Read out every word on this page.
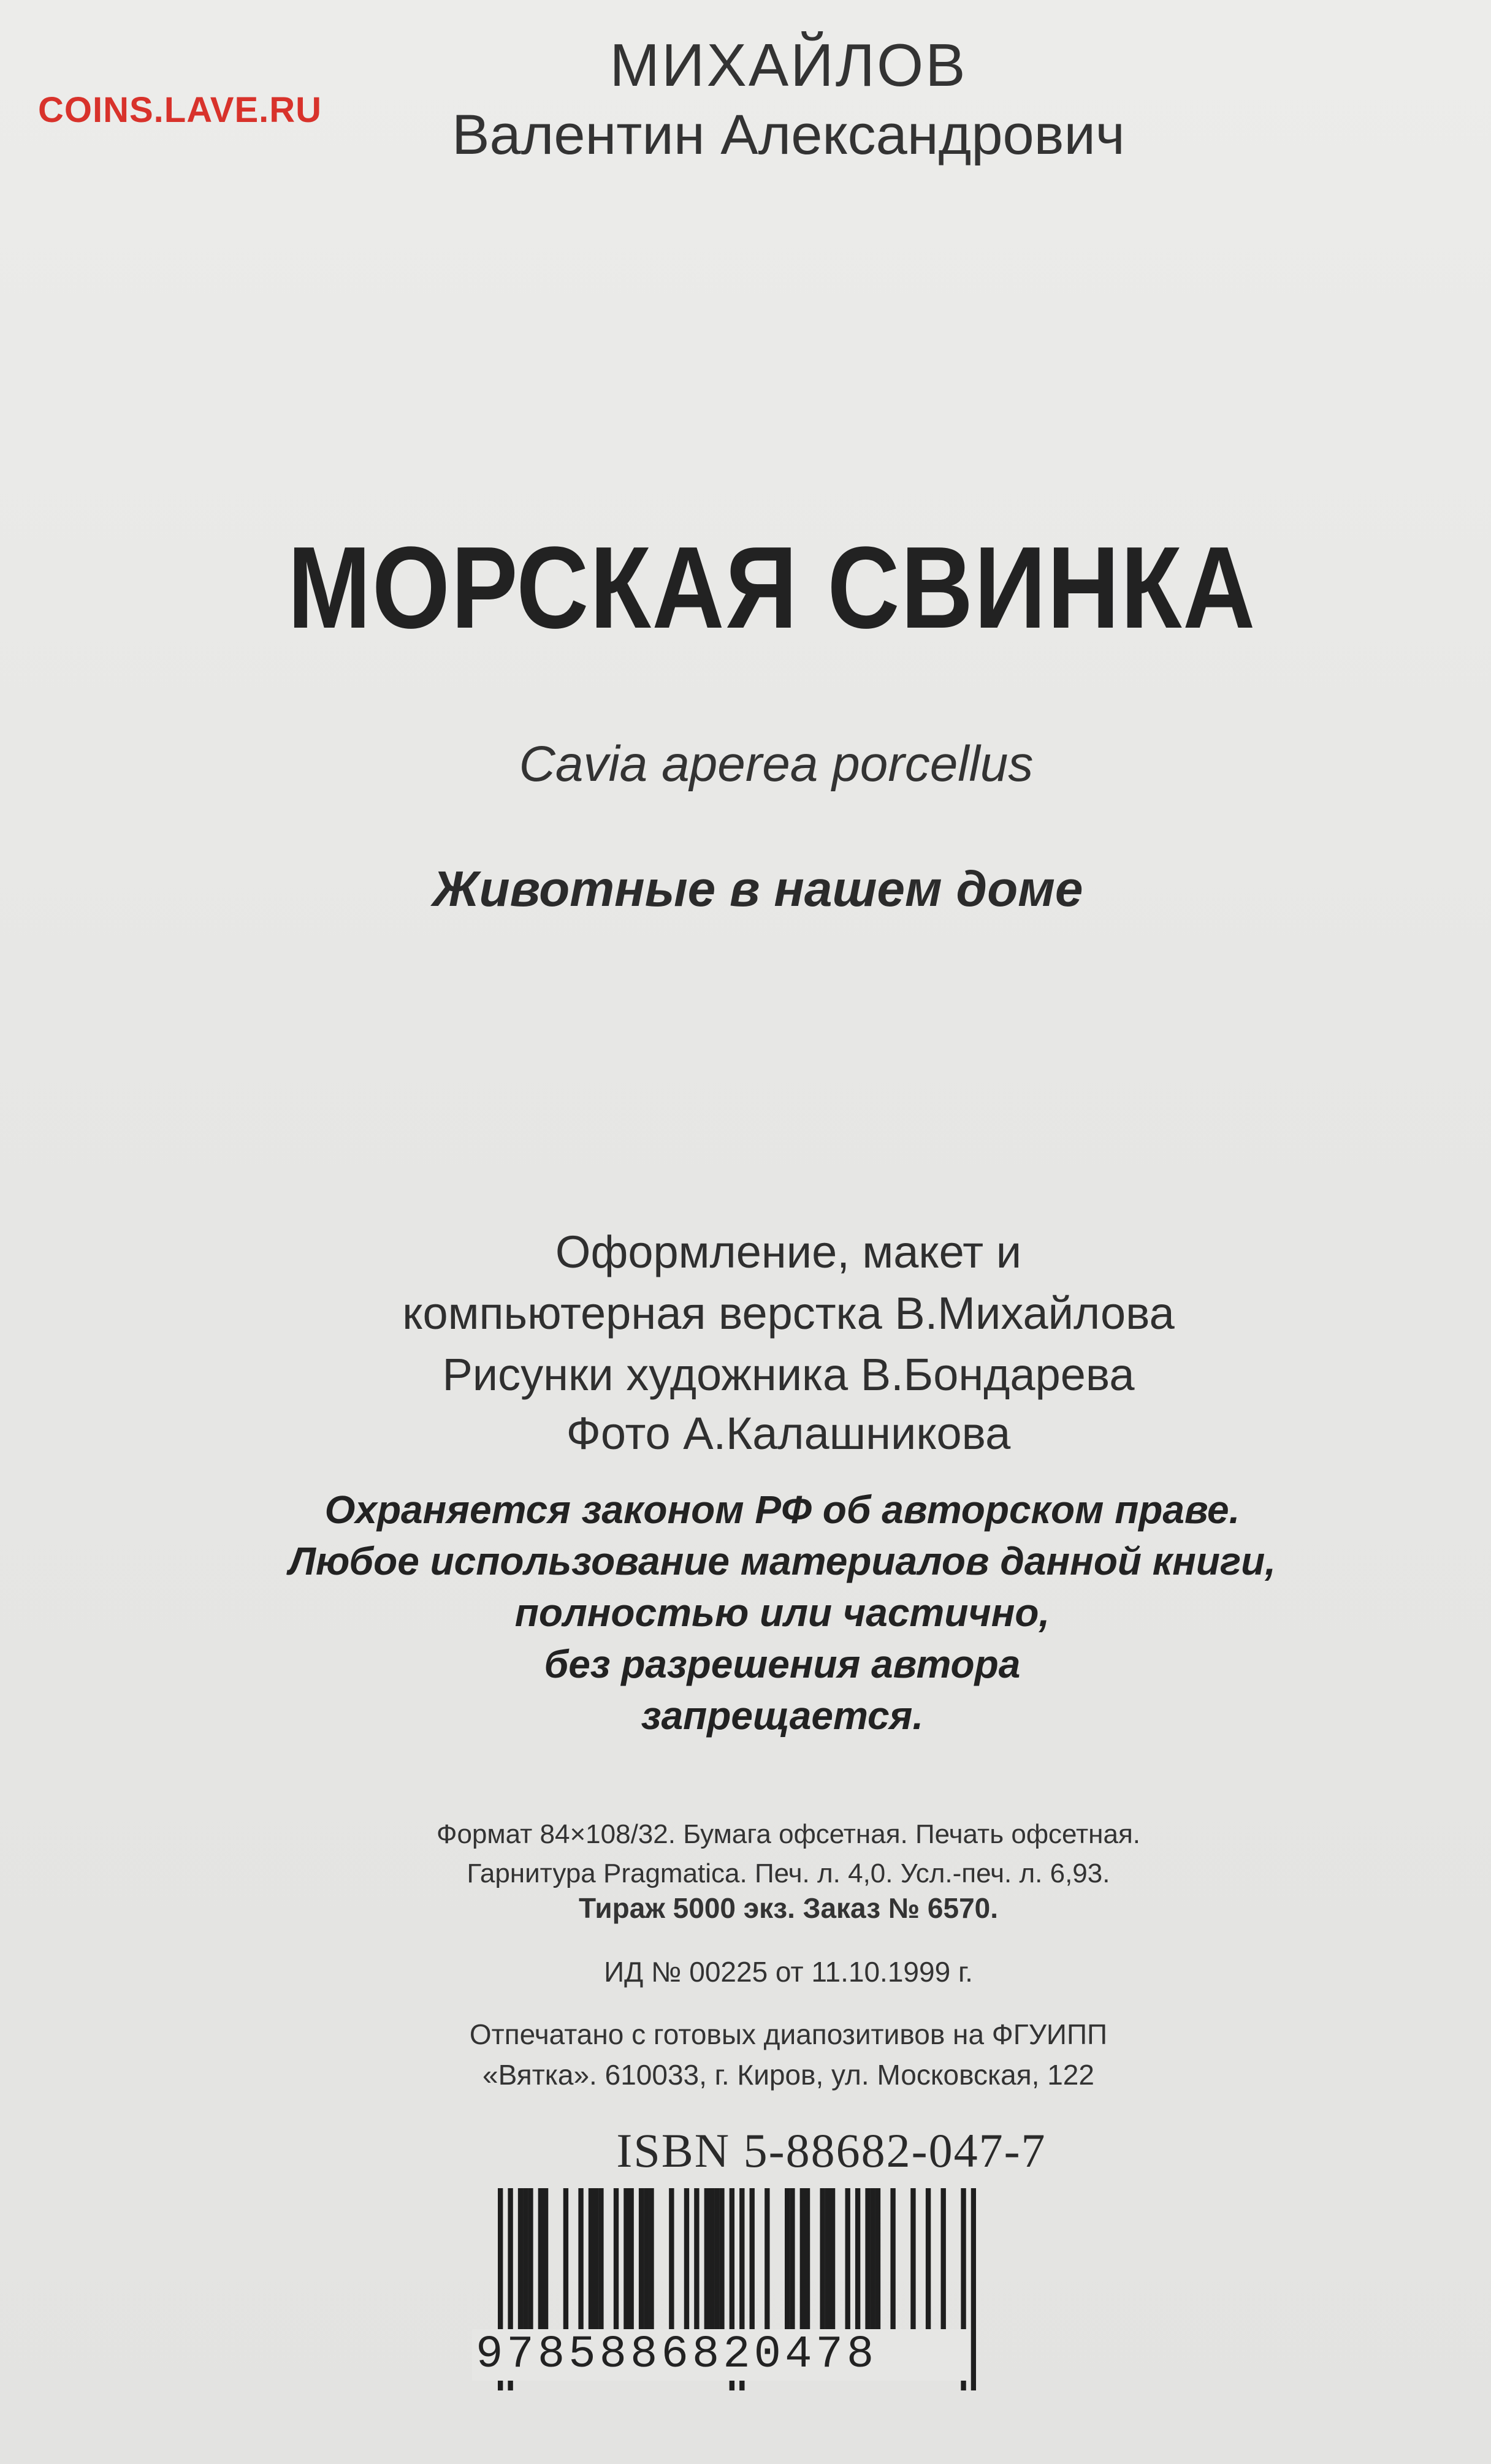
COINS.LAVE.RU
МИХАЙЛОВ
Валентин Александрович
МОРСКАЯ СВИНКА
Cavia aperea porcellus
Животные в нашем доме
Оформление, макет и
компьютерная верстка В.Михайлова
Рисунки художника В.Бондарева
Фото А.Калашникова
Охраняется законом РФ об авторском праве.
Любое использование материалов данной книги,
полностью или частично,
без разрешения автора
запрещается.
Формат 84×108/32. Бумага офсетная. Печать офсетная.
Гарнитура Pragmatica. Печ. л. 4,0. Усл.-печ. л. 6,93.
Тираж 5000 экз. Заказ № 6570.
ИД № 00225 от 11.10.1999 г.
Отпечатано с готовых диапозитивов на ФГУИПП
«Вятка». 610033, г. Киров, ул. Московская, 122
ISBN 5-88682-047-7
9785886820478
